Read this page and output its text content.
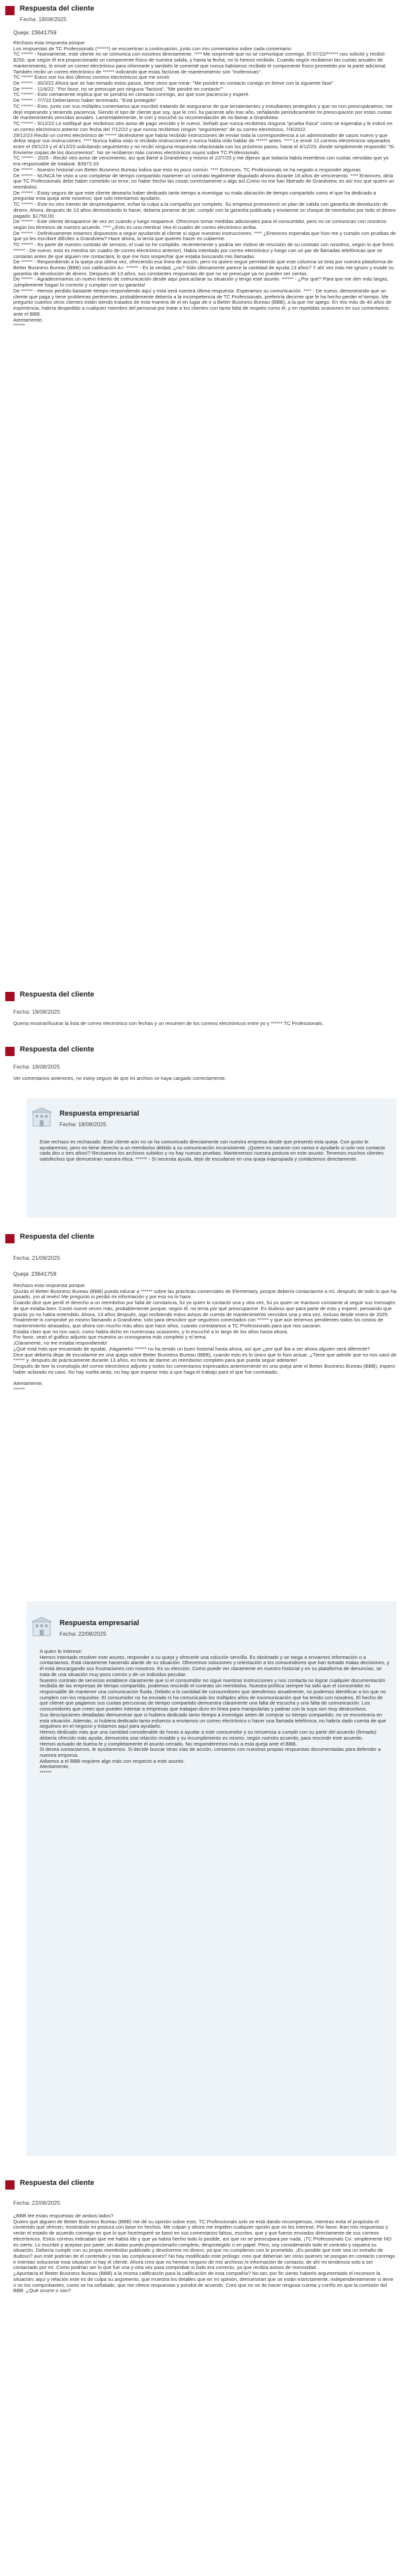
Respuesta del cliente
Fecha: 18/08/2025
Queja: 23641759

Rechazo esta respuesta porque:
Los respuestas de TC Professionals (******) se encuentran a continuación, junto con mis comentarios sobre cada comentario:
TC ****** - Nuevamente, este cliente no se comunica con nosotros directamente. **** Me sorprende que no se comunique conmigo. El 07/22/****** nos solicitó y recibió $250, que según él era proporcionado un componente físico de nuestra salida, y hasta la fecha, no lo hemos recibido. Cuando según recibieron las cuotas anuales de mantenimiento, le envié un correo electrónico para informarle y también le comenté que nunca habíamos recibido el componente físico prometido por la parte adicional. También recibí un correo electrónico de ****** indicando que estas facturas de mantenimiento son "inofensivas".
TC ****** Estos son los dos últimos correos electrónicos que me envió:
De ****** - 30/3/22 Ahora que se han tomado estos pasos, tiene otros que mirar: "Me pondré en contacto contigo en breve con la siguiente fase"
De ****** - 11/4/22: "Por favor, no se preocupe por ninguna "factura", "Me pondré en contacto""
TC ****** - Esto ciertamente implica que se pondría en contacto conmigo, así que tuve paciencia y esperé.
De ****** - 7/7/22 Deberíamos haber terminado. "Está protegido"
TC ****** - Esto, junto con sus múltiples comentarios que escribió tratando de asegurarse de que terratenientes y estudiantes protegidos y que no nos preocupáramos, me dejó esperando y teniendo paciencia. Siendo el tipo de cliente que soy, que le creí, fui paciente año tras año, señalando periódicamente mi preocupación por estas cuotas de mantenimiento vencidas anuales. Lamentablemente, le creí y escuché su recomendación de no llamar a Grandview.
TC ****** - 5/12/22 Le notifiqué que recibimos otro aviso de pago vencido y le nuevo. Señaló que nunca recibimos ninguna "prueba física" como se esperaba y le indicó en un correo electrónico anterior con fecha del 7/12/22 y que nunca recibimos ningún "seguimiento" de su correo electrónico, 7/4/2022
29/12/23 Recibí un correo electrónico de ****** diciéndome que había recibido instrucciones de enviar toda la correspondencia a un administrador de casos nuevo y que debía seguir sus instrucciones. **** Nunca había visto ni recibido instrucciones y nunca había oído hablar de ****** antes. **** Le envié 12 correos electrónicos separados entre el 29/1/23 y el 4/12/23 solicitando seguimiento y no recibí ninguna respuesta relacionada con los próximos pasos, hasta el 4/12/23, donde simplemente respondió "Si. Envíeme copias de los documentos". No se recibieron más correos electrónicos suyos sobre TC Professionals.
TC ****** - 2025 - Recibí otro aviso de vencimiento, así que llamé a Grandview y mismo el 22/7/25 y me dijeron que todavía había miembros con cuotas vencidas que yo era responsable de totalizar. $3973.33
De ****** - Nuestro historial con Better Business Bureau indica que esto es poco común. **** Entonces, TC Professionals se ha negado a responder algunas
De ****** - NUNCA he visto a uno completar de tiempo compartido mantener un contrato legalmente disputado ahorra durante 18 años de vencimiento. **** Entonces, diría que TC Professionals debe haber cometido un error, no haber hecho las cosas correctamente o algo así.Como no me han liberado de Grandview, es así eso que quiero un reembolso.
De ****** - Estoy seguro de que este cliente desearía haber dedicado tanto tiempo a investigar su mala ubicación de tiempo compartido como el que ha dedicado a preguntar esta queja ante nosotros; que solo intentamos ayudarlo.
TC ****** - Este es otro intento de desprestigiarme, echar la culpa a la compañía por completo. Su empresa promocionó un plan de salida con garantía de devolución de dinero. Ahora, después de 13 años demostrando lo hacer, deberia ponerse de pie, cumplir con la garantía publicada y envianme un cheque de reembolso por todo el dinero pagado: $1750.00.
De ****** - Este cliente desaparece de vez en cuando y luego reaparece. Ofrecimos tomar medidas adicionales para el consumidor, pero no se comunican con nosotros según los términos de nuestro acuerdo. **** ¿Esto es una mentira! Vea el cuadro de correo electrónico arriba.
De ****** - Definitivamente estamos dispuestos a seguir ayudando al cliente si sigue nuestras instrucciones. **** ¿Entonces esperaba que hizo me y cumplo con pruebas de que yo les escribiré difíciles a Grandview? Hace ahora, lo tenía que quieren hacer es cubierme.
TC ****** - Es parte de nuestro contrato de servicio, el cual no he cumplido. recientemente y podría ser motivo de rescisión de su contrato con nosotros, según lo que firmó. ****** - De nuevo, esto es mentira sin cuadro de correo electrónico anterior). Había intentado por correo electrónico y luego con un par de llamadas telefónicas que se contaran antes de que alguien me contactara; lo que me hizo sospechar que estaba buscando mis llamadas.
De ****** - Respondiendo a la queja una última vez, ofreciendo esa línea de acción, pero no quiero seguir permitiendo que este columna se tinta por nuestra plataforma de Better Business Bureau (BBB) con calificación A+. ****** - Es la verdad, ¿no? Sólo últimamente parece la cantidad de ayuda 13 años? Y ahí vez más me ignoro y evade su garantía de devolución de dinero. Después de 13 años, sus constantes respuestas de que no se preocupe ya no pueden ser ciertas.
De ****** - Agradeceríamos un nuevo intento de comunicación desde aquí para aclarar su situación y tengo este asunto. ****** - ¿Por qué? Para que me den más largas, ¡simplemente hagan lo correcto y cumplan con su garantía!
De ****** - Hemos perdido bastante tiempo respondiendo aquí y esta será nuestra última respuesta. Esperamos su comunicación. **** - De nuevo, demostrando que un cliente que paga y tiene problemas pertinentes, probablemente debería a la incompetencia de TC Professionals, preferiría decirme que le ha hecho perder el tiempo. Me pregunto cuántos otros clientes están siendo tratados de esta manera de el en lugar de ir a Better Business Bureau (BBB), a la que me apego. En mis más de 40 años de experiencia, habría despedido a cualquier miembro del personal por tratar a los clientes con tanta falta de respeto como él, y en repetidas ocasiones en sus comentarios ante el BBB.
Atentamente,
******

Respuesta del cliente
Fecha: 18/08/2025

Quería mostrar/ilustrar la lista de correo electrónico con fechas y un resumen de los correos electrónicos entre yo y ****** TC Professionals.

Respuesta del cliente
Fecha: 18/08/2025

Ver comentarios anteriores, no estoy seguro de que mi archivo se haya cargado correctamente.

Respuesta empresarial
Fecha: 18/08/2025

Este rechazo es rechazado. Este cliente aún no se ha comunicado directamente con nuestra empresa desde que presentó esta queja. Con gusto le ayudaremos, pero no tiene derecho a un reembolso debido a su comunicación inconsistente. ¡Quiere es sacarse con varios e ayudarlo si solo nos contacta cada dos o tres años!? Revisamos los archivos subidos y no hay nuevas pruebas. Mantenemos nuestra postura en este asunto. Tenemos muchos clientes satisfechos que demuestran nuestra ética. ****** - Si necesita ayuda, deje de escudarse en una queja inapropiada y contáctenos directamente.

Respuesta del cliente
Fecha: 21/08/2025
Queja: 23641759

Rechazo esta respuesta porque:
Quizás el Better Business Bureau (BBB) pueda educar a ****** sobre las prácticas comerciales de Elementary, porque debería contactarme a mí, después de todo lo que ha pasado, ¡no al revés! Me pregunto si perdió mi información y por eso no lo hace.
Cuando dice que perdí el derecho a un reembolso por falta de constancia, fui yo quien lo contactó una y otra vez, fui yo quien se mantuvo constante al seguir sus mensajes de que estaba bien. Contó nueve veces más, probablemente porque, según él, no tenía por qué preocuparme. Es dudoso que para parte de esto y esperé, pensando que quizás yo no había entendido. Ahora, 13 años después, sigo recibiendo estos avisos de cuenta de mantenimiento vencidos una y otra vez, incluso desde enero de 2025.
Finalmente lo comprobé yo mismo llamando a Grandview, solo para descubrir que seguimos conectados con ****** y que aún tenemos pendientes todos los costos de mantenimiento atrasados, que ahora son mucho más altos que hace años, cuando contratamos a TC Professionals para que nos sacaran.
Estaba claro que no nos sacó, como había dicho en numerosas ocasiones, y lo escuché a lo largo de los años hasta ahora.
Por favor, vean el gráfico adjunto que muestra un cronograma más completo y el tema.
¡Claramente, no me estaba respondiendo!
¿Qué está más que encantado de ayudar, ¡hágamelo! ****** no ha tenido un buen historial hasta ahora, así que ¿por qué iba a ser ahora alguien será diferente?
Dice que debería dejar de escudarme en una queja sobre Better Business Bureau (BBB), cuando esto es lo único que lo hizo actuar. ¿Tiene que admitir que no nos sacó de ****** y, después de prácticamente durante 13 años, es hora de darme un reembolso completo para que pueda seguir adelante!
Después de leer la cronología del correo electrónico adjunto y todos los comentarios expresados anteriormente en una queja ante el Better Business Bureau (BBB), espero haber aclarado mi caso. No hay vuelta atrás, no hay que esperar más a que haga el trabajo para el que fue contratado.

Atentamente,
******

Respuesta empresarial
Fecha: 22/08/2025

A quien le interese:
Hemos intentado resolver este asunto, responder a su queja y ofrecerle una solución sencilla. Es obstinado y se niega a enviarnos información o a contactarnos. Está claramente haciendo alarde de su situación. Ofrecemos soluciones y orientación a los consumidores que han tomado malas decisiones, y él está descargando sus frustraciones con nosotros. Es su elección. Como puede ver claramente en nuestro historial y en su plataforma de denuncias, se trata de una situación muy poco común y de un individuo peculiar.
Nuestro contrato de servicios establece claramente que si el consumidor no sigue nuestras instrucciones y nos contacta no lograr cualquier documentación recibida de las empresas de tiempo compartido, podemos rescindir el contrato sin reembolso. Nuestra política siempre ha sido que el consumidor es responsable de mantener una comunicación fluida. Debido a la cantidad de consumidores que atendemos anualmente, no podemos identificar a los que no cumplen con los requisitos. El consumidor no ha enviado ni ha comunicado los múltiples años de incomunicación que ha tenido con nosotros. El hecho de que cliente que pagamos sus cuotas percusivas de tiempo compartido demuestra claramente una falta de escucha y una falta de comunicación. Los consumidores que creen que pueden intentar a empresas que trabajan duro en línea para manipularlas y patinar con la suya son muy destructivos.
Sus descripciones detalladas demuestran que si hubiera dedicado tanto tiempo a investigar antes de comprar su tiempo compartido, no se encontraría en esta situación. Además, si hubiera dedicado tanto esfuerzo a enviarnos un correo electrónico o hacer una llamada telefónica, no habría dado cuenta de que seguimos en el negocio y estamos aquí para ayudarlo.
Hemos dedicado más que una cantidad considerable de horas a ayudar a este consumidor y su renuencia a cumplir con su parte del acuerdo (firmado) debería ofrecido más ayuda, demuestra una relación inviable y su incumplimiento es mismo, según nuestro acuerdo, para rescindir este acuerdo.
Hemos actuado de buena fe y completamente el asunto cerrado. No responderemos más a esta queja ante el BBB.
Si desea contactarnos, le ayudaremos. Si decide buscar otras vías de acción, contamos con nuestras propias respuestas documentadas para defender a nuestra empresa.
Adiamos a el BBB requiere algo más con respecto a este asunto.
Atentamente,
******

Respuesta del cliente
Fecha: 22/08/2025

¿BBB lee estas respuestas de ambos lados?
Quiero que alguien de Better Business Bureau (BBB) me dé su opinión sobre esto. TC Professionals solo se está dando recompensas, mientras evita el propósito el contenido que ofrecen, mostrando mi postura con base en hechos. Me culpan y ahora me impiden cualquier opción que no les interese. Por favor, lean mis respuestas y verán el estado de acuerdo conmigo en que lo que hice/esperé se basó en sus comentarios falsos, escritos, que y que fueron enviados directamente de sus correos electrónicos. Estos correos indicaban que me había ido y que ya había hecho todo lo posible, así que no se preocupara por nada, ¡TC Professionals Co. simplemente NO es cierto. Lo escribió y aceptan por parte; sin dudas puedo proporcionarlo completo, desprotegido o en papel. Pero, soy considerando todo el contrato y siquiera su situación. Debería cumplir con su propio reembolso publicado y devolverme mi dinero, ya que no cumplieron con lo prometido. ¡Es posible que este sea un extraño de dudoso? aun esté podrían de el contenido y tras las complicaciones? No hay modificado este prólogo: creo que deberían ser otras quienes se pongan en contacto conmigo e intentan solucionar esta situación si hay el cliente. Ahora creo que no hemos ninguno de mis archivos ni información de contacto; de ahí mi tendencia solo a ser contactado por mí. Como podrían ser lo que fue una y otra vez para comprobar si todo era correcto, ya que recibía avisos de morosidad.
¿Apuntaría el Better Business Bureau (BBB) a la misma calificación para la calificación de esta compañía? No tan, por fin siento haberlo argumentado el reconoce la situación; aquí y relación este es de culpa su argumento, que muestra los detalles que en mi opinión, demuestran que se están estrictamente, independientemente si tiene o no los comprobantes, como se ha señalado, que me ofrece respuestas y pondrá de acuerdo. Creo que no se de hacer ninguna cuenta y confío en que la comisión del BBB. ¿Qué ocurre o son?
